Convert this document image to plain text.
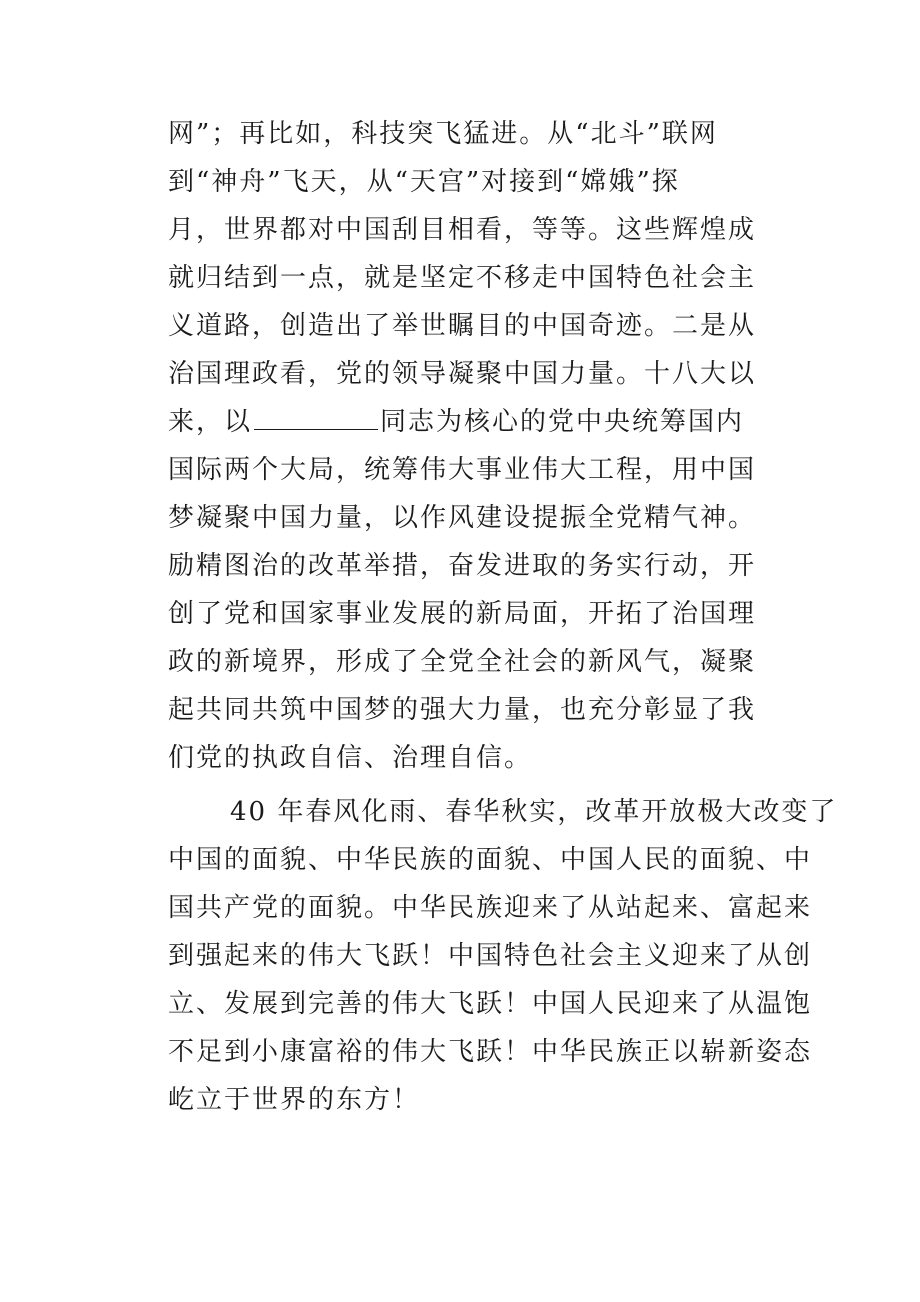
网”；再比如，科技突飞猛进。从“北斗”联网
到“神舟”飞天，从“天宫”对接到“嫦娥”探
月，世界都对中国刮目相看，等等。这些辉煌成
就归结到一点，就是坚定不移走中国特色社会主
义道路，创造出了举世瞩目的中国奇迹。二是从
治国理政看，党的领导凝聚中国力量。十八大以
来，以	同志为核心的党中央统筹国内
国际两个大局，统筹伟大事业伟大工程，用中国
梦凝聚中国力量，以作风建设提振全党精气神。
励精图治的改革举措，奋发进取的务实行动，开
创了党和国家事业发展的新局面，开拓了治国理
政的新境界，形成了全党全社会的新风气，凝聚
起共同共筑中国梦的强大力量，也充分彰显了我
们党的执政自信、治理自信。
40 年春风化雨、春华秋实，改革开放极大改变了
中国的面貌、中华民族的面貌、中国人民的面貌、中
国共产党的面貌。中华民族迎来了从站起来、富起来
到强起来的伟大飞跃！中国特色社会主义迎来了从创
立、发展到完善的伟大飞跃！中国人民迎来了从温饱
不足到小康富裕的伟大飞跃！中华民族正以崭新姿态
屹立于世界的东方！
